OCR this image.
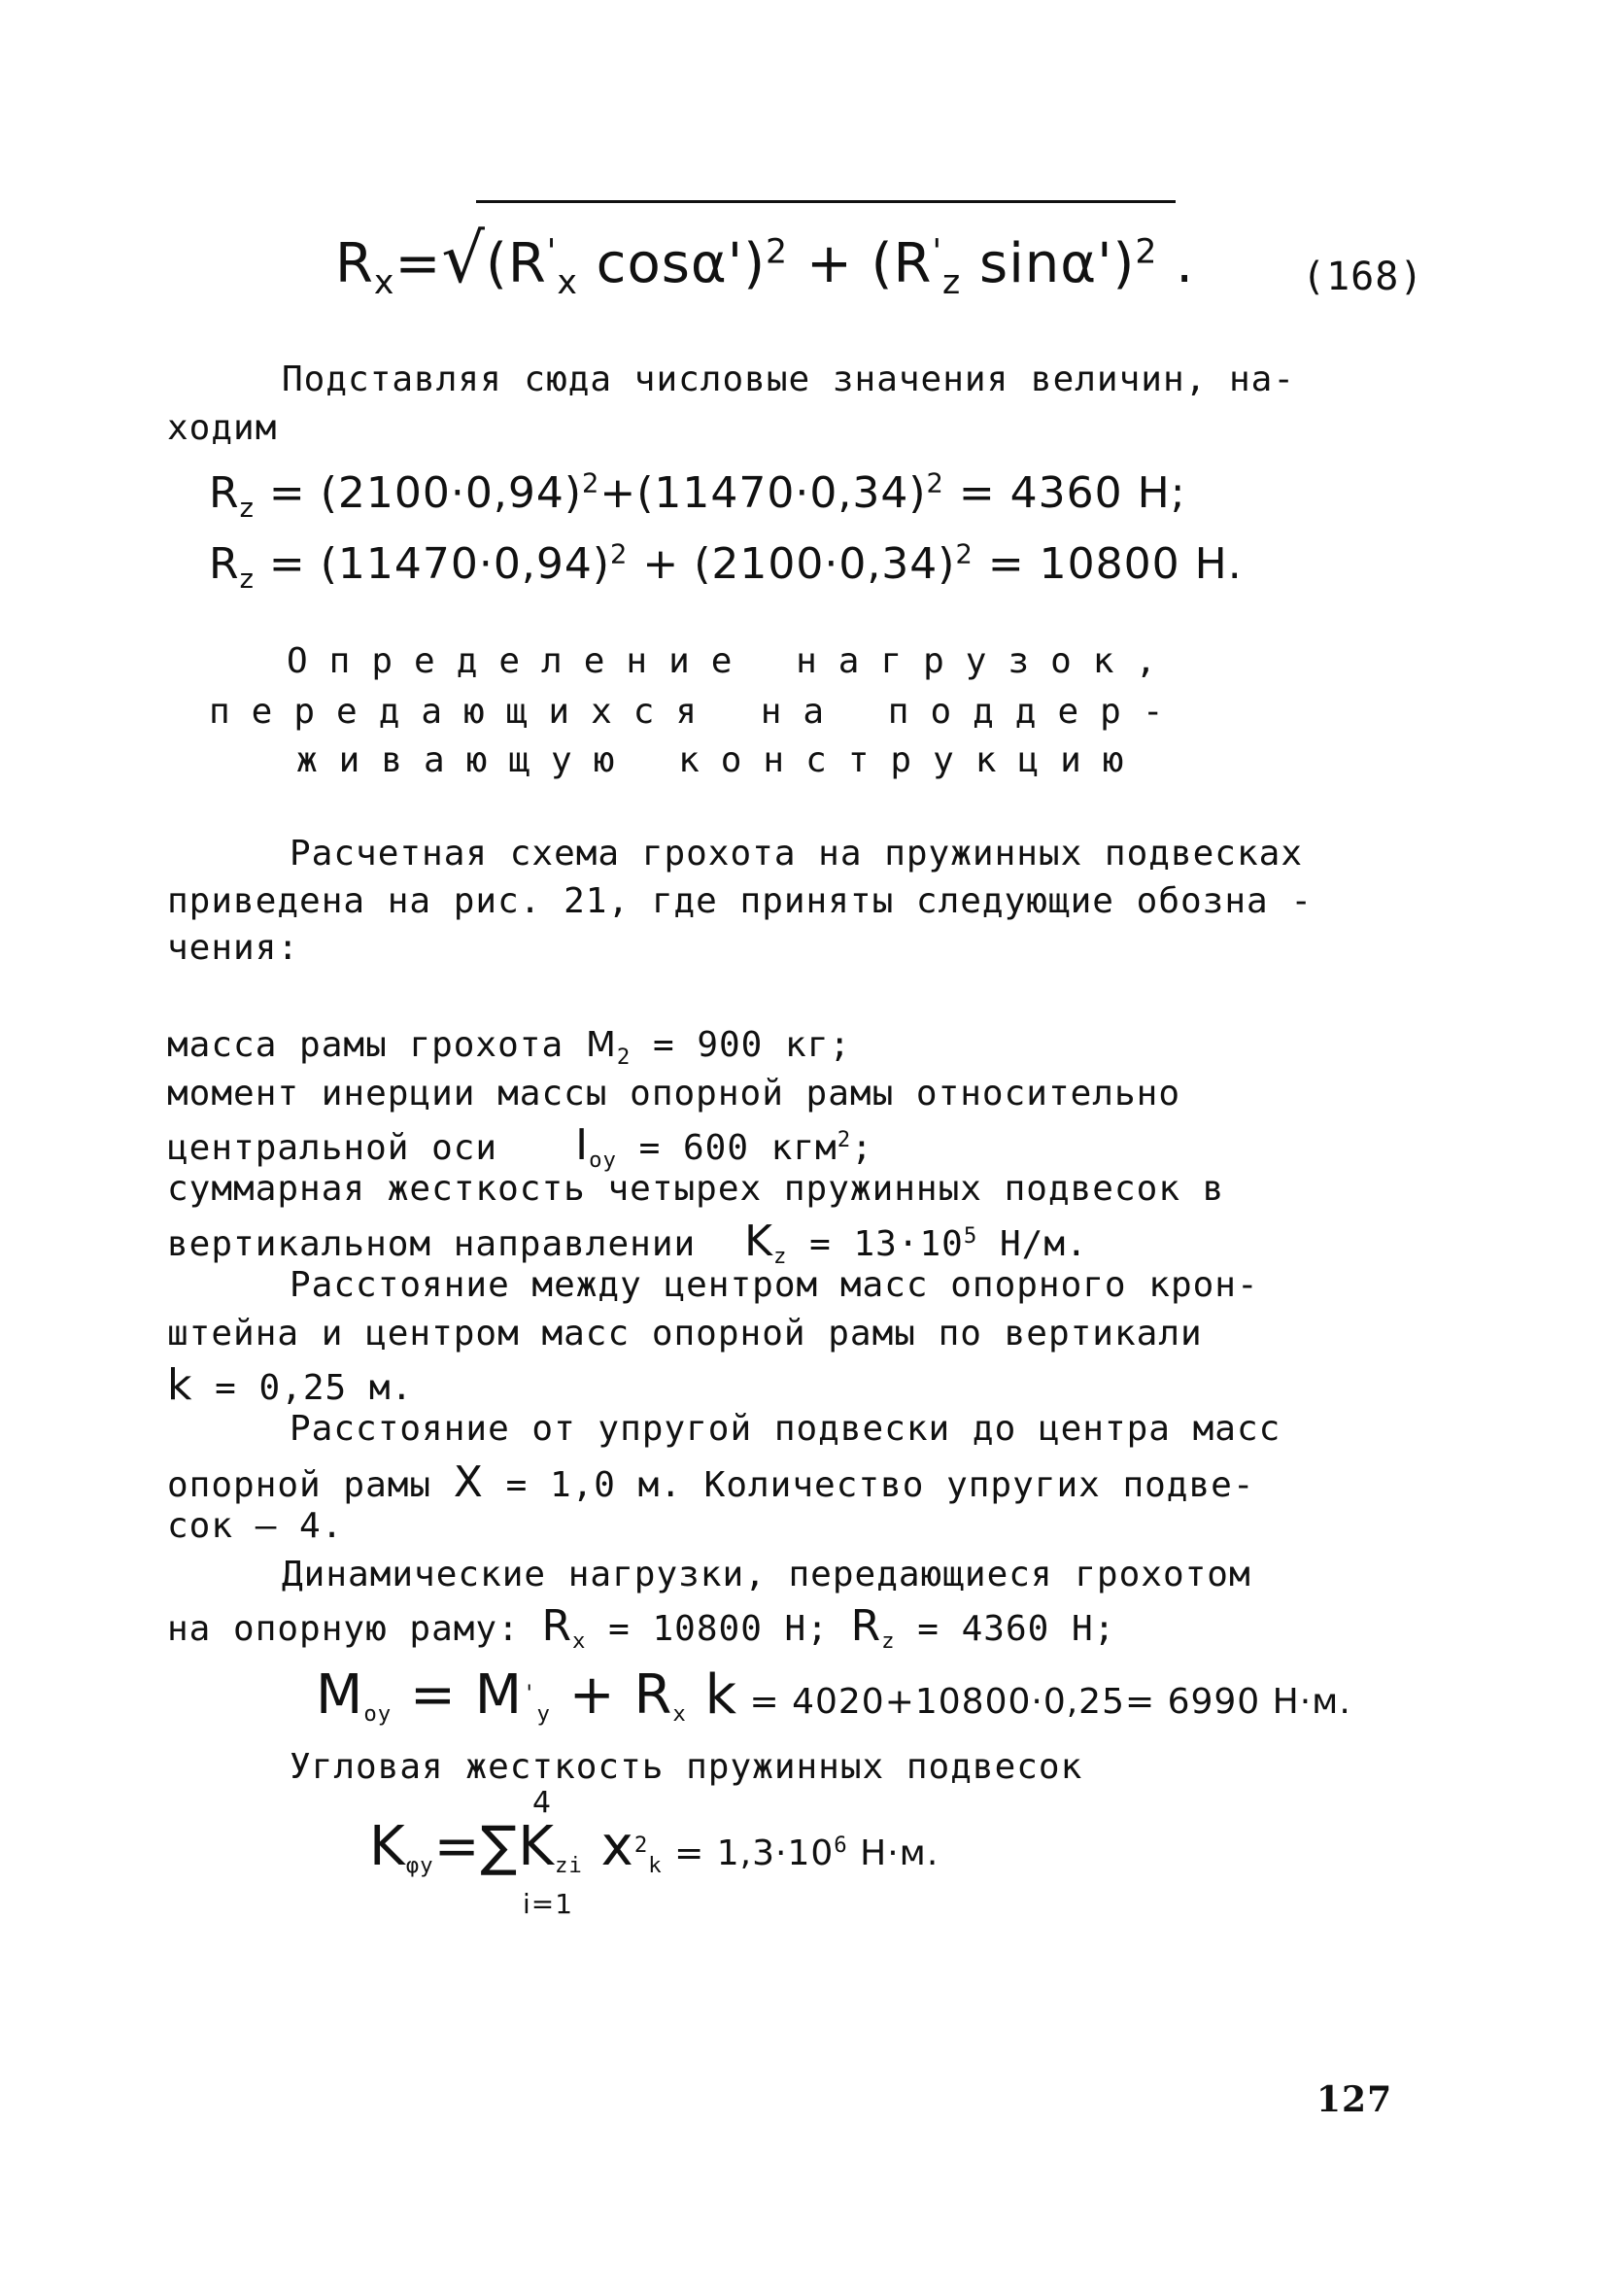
$R_x=√(R'_x$ $\cos\alpha')^2 + (R'_z$ sinα')$^2$ .	(168)
Подставляя сюда числовые значения величин, на-
ходим
$R_z = (2100\cdot 0,94)^2+(11470\cdot 0,34)^2 = 4360$ Н;
$R_z = (11470\cdot 0,94)^2 + (2100\cdot 0,34)^2 = 10800$ Н.
Определение нагрузок,
передающихся на поддер-
живающую конструкцию
Расчетная схема грохота на пружинных подвесках
приведена на рис. 21, где приняты следующие обозна -
чения:
масса рамы грохота $M_2 = 900$ кг;
момент инерции массы опорной рамы относительно
центральной оси $I_{оу} = 600$ кгм$^2$;
суммарная жесткость четырех пружинных подвесок в
вертикальном направлении $K_z = 13\cdot 10^5$ Н/м.
Расстояние между центром масс опорного крон-
штейна и центром масс опорной рамы по вертикали
k = 0,25 м.
Расстояние от упругой подвески до центра масс
опорной рамы X = 1,0 м. Количество упругих подве-
сок – 4.
Динамические нагрузки, передающиеся грохотом
на опорную раму: $R_x = 10800$ Н; $R_z = 4360$ Н;
$M_{oy} = M'_y + R_x$ k = 4020+10800·0,25= 6990 Н·м.
Угловая жесткость пружинных подвесок
4
i=1
$K_{\varphi y}=\sum K_{zi}$ $x^2_k = 1,3\cdot 10^6$ Н·м.
127
